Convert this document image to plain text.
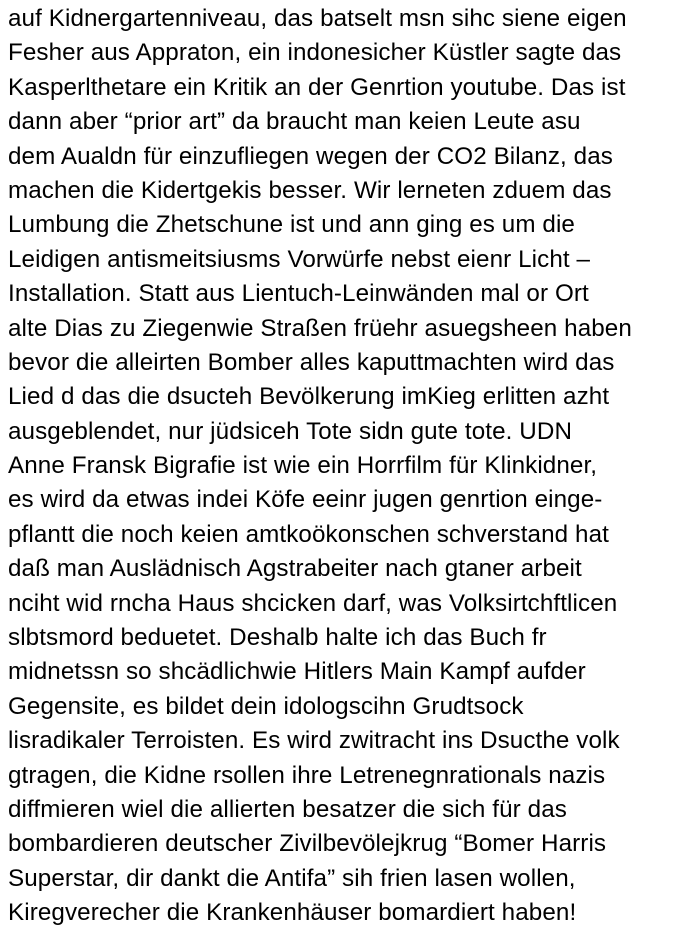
auf Kidnergartenniveau, das batselt msn sihc siene eigen
Fesher aus Appraton, ein indonesicher Küstler sagte das
Kasperlthetare ein Kritik an der Genrtion youtube. Das ist
dann aber “prior art” da braucht man keien Leute asu
dem Aualdn für einzufliegen wegen der CO2 Bilanz, das
machen die Kidertgekis besser. Wir lerneten zduem das
Lumbung die Zhetschune ist und ann ging es um die
Leidigen antismeitsiusms Vorwürfe nebst eienr Licht –
Installation. Statt aus Lientuch-Leinwänden mal or Ort
alte Dias zu Ziegenwie Straßen früehr asuegsheen haben
bevor die alleirten Bomber alles kaputtmachten wird das
Lied d das die dsucteh Bevölkerung imKieg erlitten azht
ausgeblendet, nur jüdsiceh Tote sidn gute tote. UDN
Anne Fransk Bigrafie ist wie ein Horrfilm für Klinkidner,
es wird da etwas indei Köfe eeinr jugen genrtion einge-
pflantt die noch keien amtkoökonschen schverstand hat
daß man Auslädnisch Agstrabeiter nach gtaner arbeit
nciht wid rncha Haus shcicken darf, was Volksirtchftlicen
slbtsmord beduetet. Deshalb halte ich das Buch fr
midnetssn so shcädlichwie Hitlers Main Kampf aufder
Gegensite, es bildet dein idologscihn Grudtsock
lisradikaler Terroisten. Es wird zwitracht ins Dsucthe volk
gtragen, die Kidne rsollen ihre Letrenegnrationals nazis
diffmieren wiel die allierten besatzer die sich für das
bombardieren deutscher Zivilbevölejkrug “Bomer Harris
Superstar, dir dankt die Antifa” sih frien lasen wollen,
Kiregverecher die Krankenhäuser bomardiert haben!
